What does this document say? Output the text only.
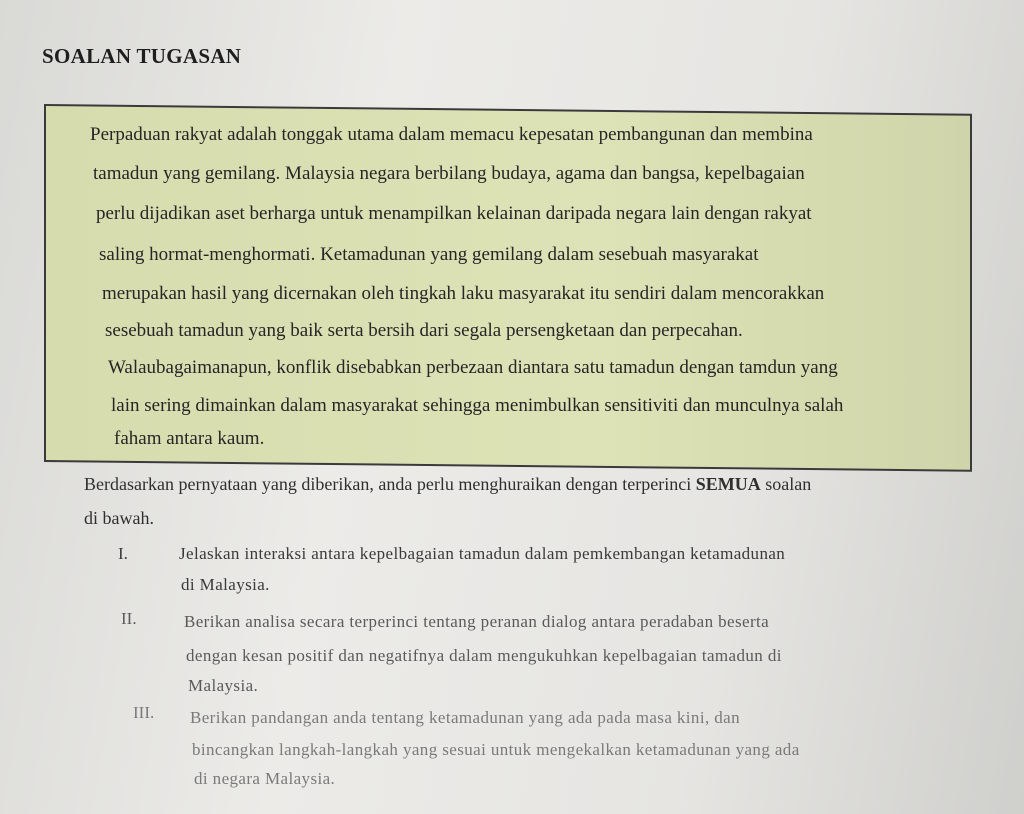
SOALAN TUGASAN
Perpaduan rakyat adalah tonggak utama dalam memacu kepesatan pembangunan dan membina
tamadun yang gemilang. Malaysia negara berbilang budaya, agama dan bangsa, kepelbagaian
perlu dijadikan aset berharga untuk menampilkan kelainan daripada negara lain dengan rakyat
saling hormat-menghormati. Ketamadunan yang gemilang dalam sesebuah masyarakat
merupakan hasil yang dicernakan oleh tingkah laku masyarakat itu sendiri dalam mencorakkan
sesebuah tamadun yang baik serta bersih dari segala persengketaan dan perpecahan.
Walaubagaimanapun, konflik disebabkan perbezaan diantara satu tamadun dengan tamdun yang
lain sering dimainkan dalam masyarakat sehingga menimbulkan sensitiviti dan munculnya salah
faham antara kaum.
Berdasarkan pernyataan yang diberikan, anda perlu menghuraikan dengan terperinci SEMUA soalan
di bawah.
I.	Jelaskan interaksi antara kepelbagaian tamadun dalam pemkembangan ketamadunan
di Malaysia.
II.	Berikan analisa secara terperinci tentang peranan dialog antara peradaban beserta
dengan kesan positif dan negatifnya dalam mengukuhkan kepelbagaian tamadun di
Malaysia.
III. Berikan pandangan anda tentang ketamadunan yang ada pada masa kini, dan
bincangkan langkah-langkah yang sesuai untuk mengekalkan ketamadunan yang ada
di negara Malaysia.
